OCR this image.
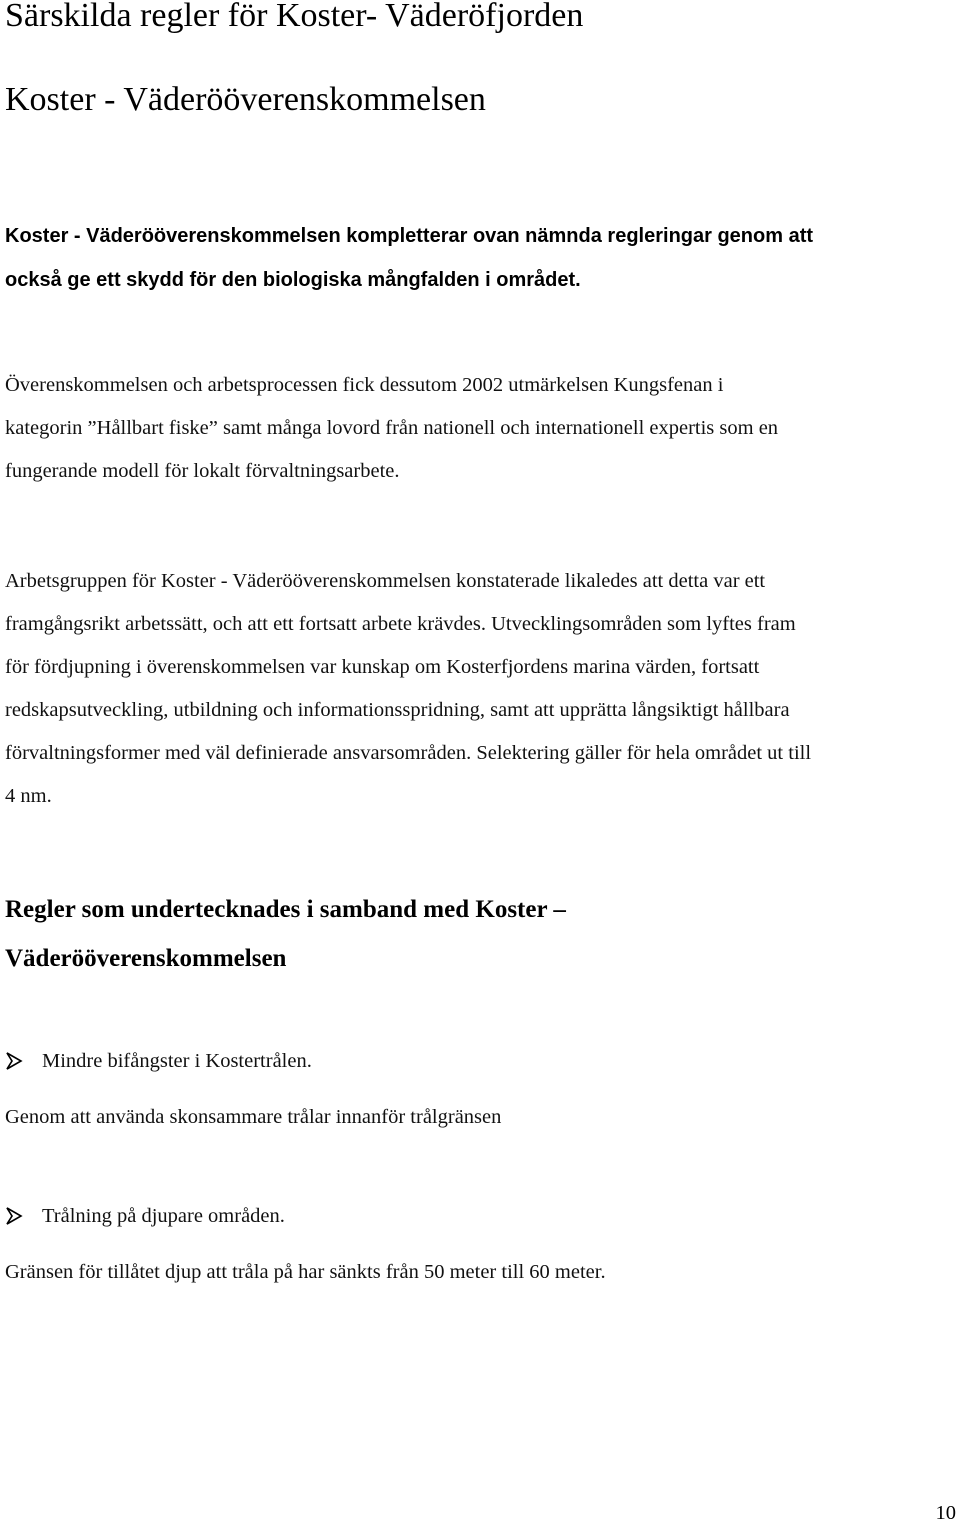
Särskilda regler för Koster- Väderöfjorden
Koster - Väderööverenskommelsen
Koster - Väderööverenskommelsen kompletterar ovan nämnda regleringar genom att
också ge ett skydd för den biologiska mångfalden i området.
Överenskommelsen och arbetsprocessen fick dessutom 2002 utmärkelsen Kungsfenan i
kategorin ”Hållbart fiske” samt många lovord från nationell och internationell expertis som en
fungerande modell för lokalt förvaltningsarbete.
Arbetsgruppen för Koster - Väderööverenskommelsen konstaterade likaledes att detta var ett
framgångsrikt arbetssätt, och att ett fortsatt arbete krävdes. Utvecklingsområden som lyftes fram
för fördjupning i överenskommelsen var kunskap om Kosterfjordens marina värden, fortsatt
redskapsutveckling, utbildning och informationsspridning, samt att upprätta långsiktigt hållbara
förvaltningsformer med väl definierade ansvarsområden. Selektering gäller för hela området ut till
4 nm.
Regler som undertecknades i samband med Koster –
Väderööverenskommelsen
Mindre bifångster i Kostertrålen.
Genom att använda skonsammare trålar innanför trålgränsen
Trålning på djupare områden.
Gränsen för tillåtet djup att tråla på har sänkts från 50 meter till 60 meter.
10
